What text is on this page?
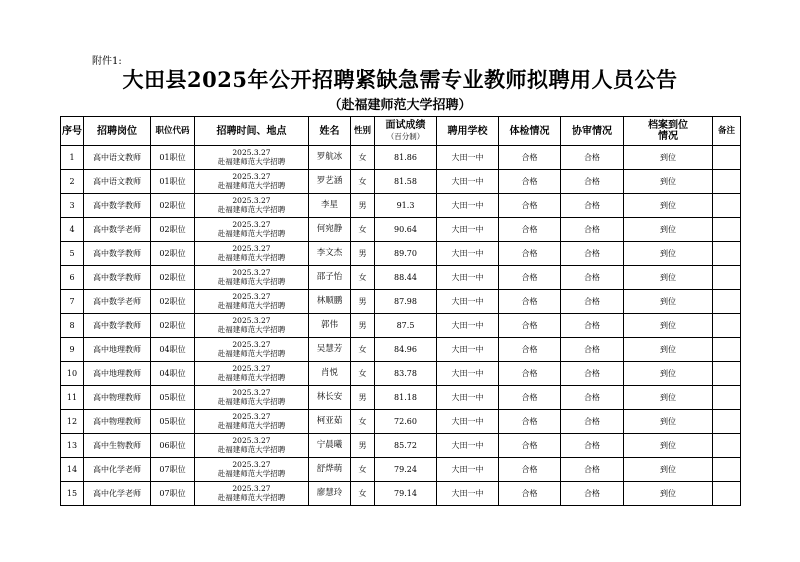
附件1:
大田县2025年公开招聘紧缺急需专业教师拟聘用人员公告
（赴福建师范大学招聘）
序号	招聘岗位	职位代码	招聘时间、地点	姓名	性别	面试成绩
（百分制）	聘用学校	体检情况	协审情况	档案到位
情况	备注
1	高中语文教师	01职位	2025.3.27
赴福建师范大学招聘	罗航冰	女	81.86	大田一中	合格	合格	到位	
2	高中语文教师	01职位	2025.3.27
赴福建师范大学招聘	罗艺涵	女	81.58	大田一中	合格	合格	到位	
3	高中数学教师	02职位	2025.3.27
赴福建师范大学招聘	李星	男	91.3	大田一中	合格	合格	到位	
4	高中数学老师	02职位	2025.3.27
赴福建师范大学招聘	何宛静	女	90.64	大田一中	合格	合格	到位	
5	高中数学教师	02职位	2025.3.27
赴福建师范大学招聘	李文杰	男	89.70	大田一中	合格	合格	到位	
6	高中数学教师	02职位	2025.3.27
赴福建师范大学招聘	邵子怡	女	88.44	大田一中	合格	合格	到位	
7	高中数学老师	02职位	2025.3.27
赴福建师范大学招聘	林顺鹏	男	87.98	大田一中	合格	合格	到位	
8	高中数学教师	02职位	2025.3.27
赴福建师范大学招聘	郭伟	男	87.5	大田一中	合格	合格	到位	
9	高中地理教师	04职位	2025.3.27
赴福建师范大学招聘	吴慧芳	女	84.96	大田一中	合格	合格	到位	
10	高中地理教师	04职位	2025.3.27
赴福建师范大学招聘	肖悦	女	83.78	大田一中	合格	合格	到位	
11	高中物理教师	05职位	2025.3.27
赴福建师范大学招聘	林长安	男	81.18	大田一中	合格	合格	到位	
12	高中物理教师	05职位	2025.3.27
赴福建师范大学招聘	柯亚茹	女	72.60	大田一中	合格	合格	到位	
13	高中生物教师	06职位	2025.3.27
赴福建师范大学招聘	宁晨曦	男	85.72	大田一中	合格	合格	到位	
14	高中化学老师	07职位	2025.3.27
赴福建师范大学招聘	舒烨萌	女	79.24	大田一中	合格	合格	到位	
15	高中化学老师	07职位	2025.3.27
赴福建师范大学招聘	廖慧玲	女	79.14	大田一中	合格	合格	到位	
